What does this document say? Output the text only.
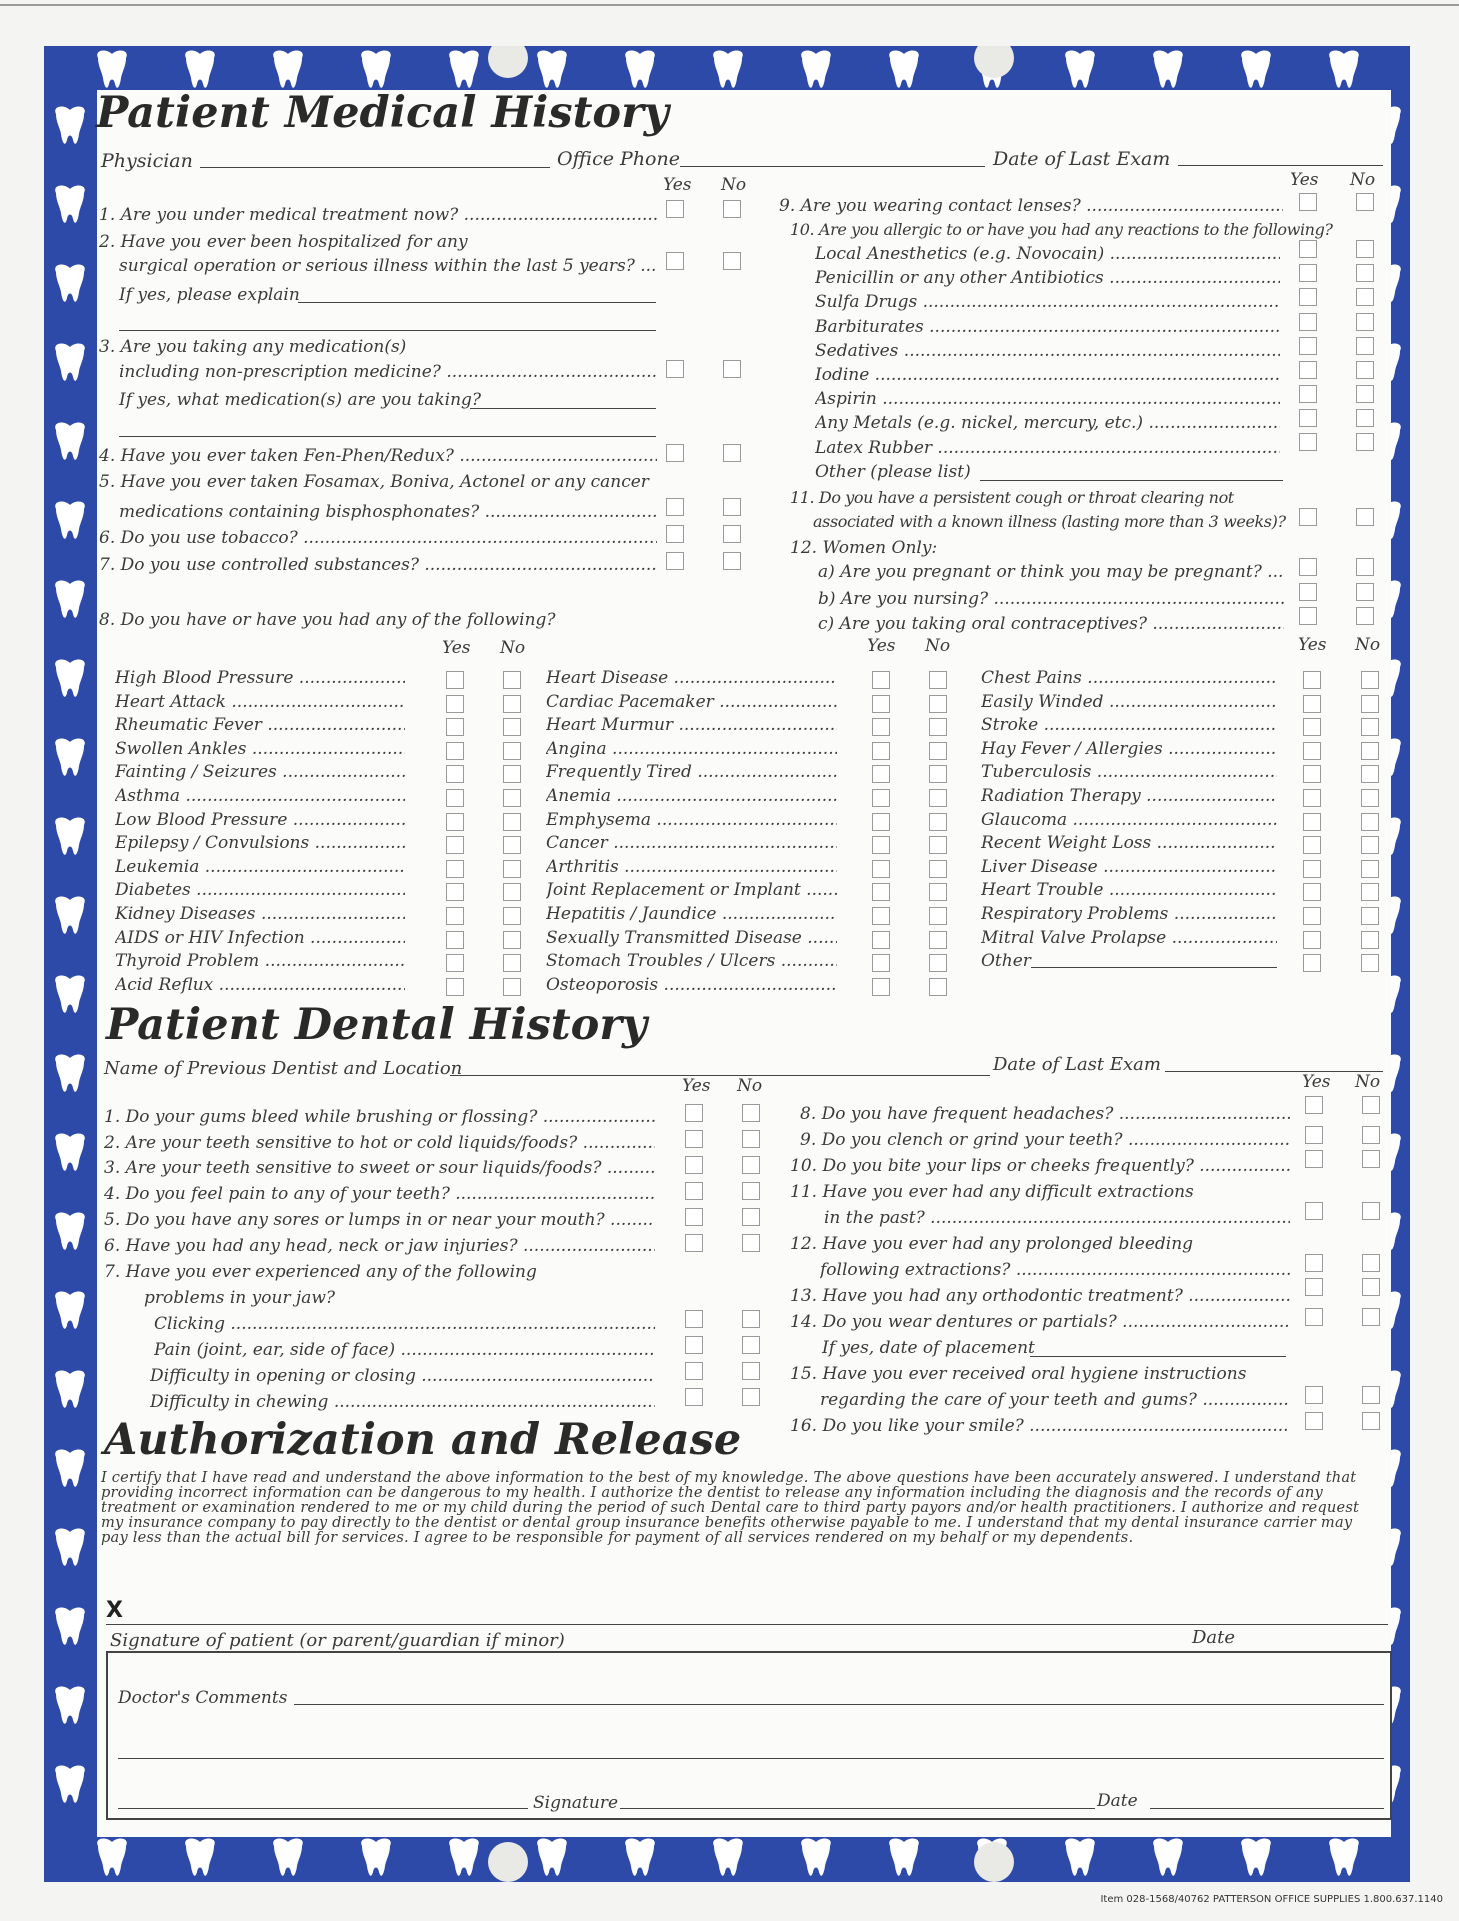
Patient Medical History
Physician	Office Phone	Date of Last Exam
Yes No	Yes No
1. Are you under medical treatment now? .....
2. Have you ever been hospitalized for any
surgical operation or serious illness within the last 5 years? .....
If yes, please explain
3. Are you taking any medication(s)
including non-prescription medicine? .....
If yes, what medication(s) are you taking?
4. Have you ever taken Fen-Phen/Redux? .....
5. Have you ever taken Fosamax, Boniva, Actonel or any cancer
medications containing bisphosphonates? .....
6. Do you use tobacco? .....
7. Do you use controlled substances? .....
9. Are you wearing contact lenses? .....
10. Are you allergic to or have you had any reactions to the following?
Local Anesthetics (e.g. Novocain) .....
Penicillin or any other Antibiotics .....
Sulfa Drugs .....
Barbiturates .....
Sedatives .....
Iodine .....
Aspirin .....
Any Metals (e.g. nickel, mercury, etc.) .....
Latex Rubber .....
Other (please list)
11. Do you have a persistent cough or throat clearing not
associated with a known illness (lasting more than 3 weeks)? .....
12. Women Only:
a) Are you pregnant or think you may be pregnant? .....
b) Are you nursing? .....
c) Are you taking oral contraceptives? .....
8. Do you have or have you had any of the following?
Yes No	Yes No	Yes No
High Blood Pressure .....
Heart Attack .....
Rheumatic Fever .....
Swollen Ankles .....
Fainting / Seizures .....
Asthma .....
Low Blood Pressure .....
Epilepsy / Convulsions .....
Leukemia .....
Diabetes .....
Kidney Diseases .....
AIDS or HIV Infection .....
Thyroid Problem .....
Acid Reflux .....
Heart Disease .....
Cardiac Pacemaker .....
Heart Murmur .....
Angina .....
Frequently Tired .....
Anemia .....
Emphysema .....
Cancer .....
Arthritis .....
Joint Replacement or Implant .....
Hepatitis / Jaundice .....
Sexually Transmitted Disease .....
Stomach Troubles / Ulcers .....
Osteoporosis .....
Chest Pains .....
Easily Winded .....
Stroke .....
Hay Fever / Allergies .....
Tuberculosis .....
Radiation Therapy .....
Glaucoma .....
Recent Weight Loss .....
Liver Disease .....
Heart Trouble .....
Respiratory Problems .....
Mitral Valve Prolapse .....
Other
Patient Dental History
Name of Previous Dentist and Location	Date of Last Exam
Yes No	Yes No
1. Do your gums bleed while brushing or flossing? .....
2. Are your teeth sensitive to hot or cold liquids/foods? .....
3. Are your teeth sensitive to sweet or sour liquids/foods? .....
4. Do you feel pain to any of your teeth? .....
5. Do you have any sores or lumps in or near your mouth? .....
6. Have you had any head, neck or jaw injuries? .....
7. Have you ever experienced any of the following
problems in your jaw?
Clicking .....
Pain (joint, ear, side of face) .....
Difficulty in opening or closing .....
Difficulty in chewing .....
8. Do you have frequent headaches? .....
9. Do you clench or grind your teeth? .....
10. Do you bite your lips or cheeks frequently? .....
11. Have you ever had any difficult extractions
in the past? .....
12. Have you ever had any prolonged bleeding
following extractions? .....
13. Have you had any orthodontic treatment? .....
14. Do you wear dentures or partials? .....
If yes, date of placement
15. Have you ever received oral hygiene instructions
regarding the care of your teeth and gums? .....
16. Do you like your smile? .....
Authorization and Release
I certify that I have read and understand the above information to the best of my knowledge. The above questions have been accurately answered. I understand that providing incorrect information can be dangerous to my health. I authorize the dentist to release any information including the diagnosis and the records of any treatment or examination rendered to me or my child during the period of such Dental care to third party payors and/or health practitioners. I authorize and request my insurance company to pay directly to the dentist or dental group insurance benefits otherwise payable to me. I understand that my dental insurance carrier may pay less than the actual bill for services. I agree to be responsible for payment of all services rendered on my behalf or my dependents.
X
Signature of patient (or parent/guardian if minor)	Date
Doctor's Comments
Signature	Date
Item 028-1568/40762 PATTERSON OFFICE SUPPLIES 1.800.637.1140
